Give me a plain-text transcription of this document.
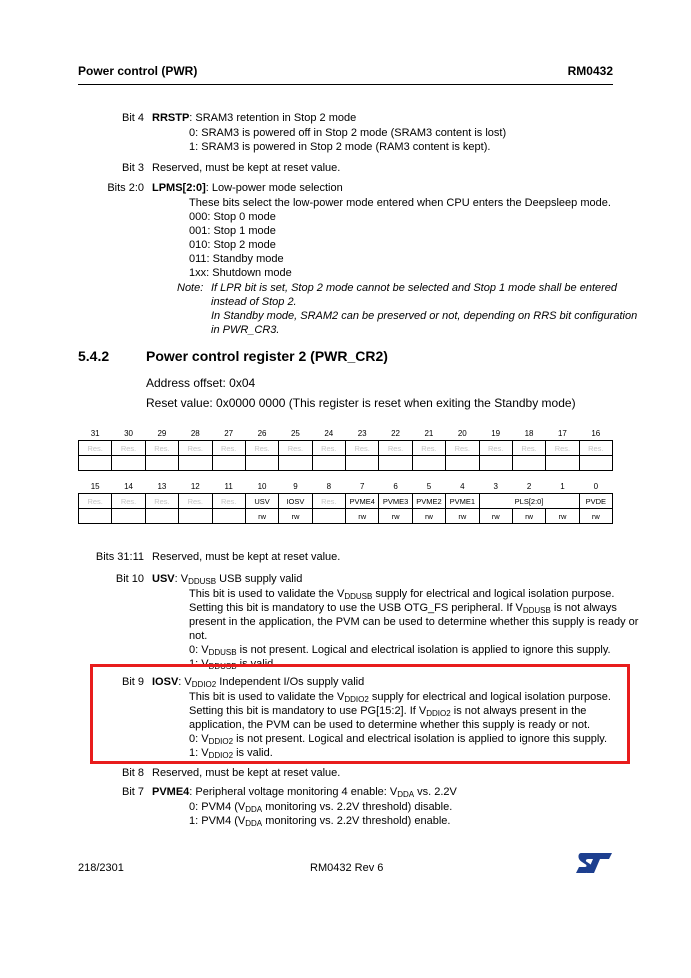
Power control (PWR)	RM0432
Bit 4 RRSTP: SRAM3 retention in Stop 2 mode
0: SRAM3 is powered off in Stop 2 mode (SRAM3 content is lost)
1: SRAM3 is powered in Stop 2 mode (RAM3 content is kept).
Bit 3 Reserved, must be kept at reset value.
Bits 2:0 LPMS[2:0]: Low-power mode selection
These bits select the low-power mode entered when CPU enters the Deepsleep mode.
000: Stop 0 mode
001: Stop 1 mode
010: Stop 2 mode
011: Standby mode
1xx: Shutdown mode
Note: If LPR bit is set, Stop 2 mode cannot be selected and Stop 1 mode shall be entered
instead of Stop 2.
In Standby mode, SRAM2 can be preserved or not, depending on RRS bit configuration
in PWR_CR3.
5.4.2	Power control register 2 (PWR_CR2)
Address offset: 0x04
Reset value: 0x0000 0000 (This register is reset when exiting the Standby mode)
31	30	29	28	27	26	25	24	23	22	21	20	19	18	17	16
Res.	Res.	Res.	Res.	Res.	Res.	Res.	Res.	Res.	Res.	Res.	Res.	Res.	Res.	Res.	Res.

15	14	13	12	11	10	9	8	7	6	5	4	3	2	1	0
Res.	Res.	Res.	Res.	Res.	USV	IOSV	Res.	PVME4	PVME3	PVME2	PVME1	PLS[2:0]			PVDE
					rw	rw		rw	rw	rw	rw	rw	rw	rw	rw
Bits 31:11 Reserved, must be kept at reset value.
Bit 10 USV: $V_{DDUSB}$ USB supply valid
This bit is used to validate the $V_{DDUSB}$ supply for electrical and logical isolation purpose.
Setting this bit is mandatory to use the USB OTG_FS peripheral. If $V_{DDUSB}$ is not always
present in the application, the PVM can be used to determine whether this supply is ready or
not.
0: $V_{DDUSB}$ is not present. Logical and electrical isolation is applied to ignore this supply.
1: $V_{DDUSB}$ is valid.
Bit 9 IOSV: $V_{DDIO2}$ Independent I/Os supply valid
This bit is used to validate the $V_{DDIO2}$ supply for electrical and logical isolation purpose.
Setting this bit is mandatory to use PG[15:2]. If $V_{DDIO2}$ is not always present in the
application, the PVM can be used to determine whether this supply is ready or not.
0: $V_{DDIO2}$ is not present. Logical and electrical isolation is applied to ignore this supply.
1: $V_{DDIO2}$ is valid.
Bit 8 Reserved, must be kept at reset value.
Bit 7 PVME4: Peripheral voltage monitoring 4 enable: $V_{DDA}$ vs. 2.2V
0: PVM4 ($V_{DDA}$ monitoring vs. 2.2V threshold) disable.
1: PVM4 ($V_{DDA}$ monitoring vs. 2.2V threshold) enable.
218/2301	RM0432 Rev 6
